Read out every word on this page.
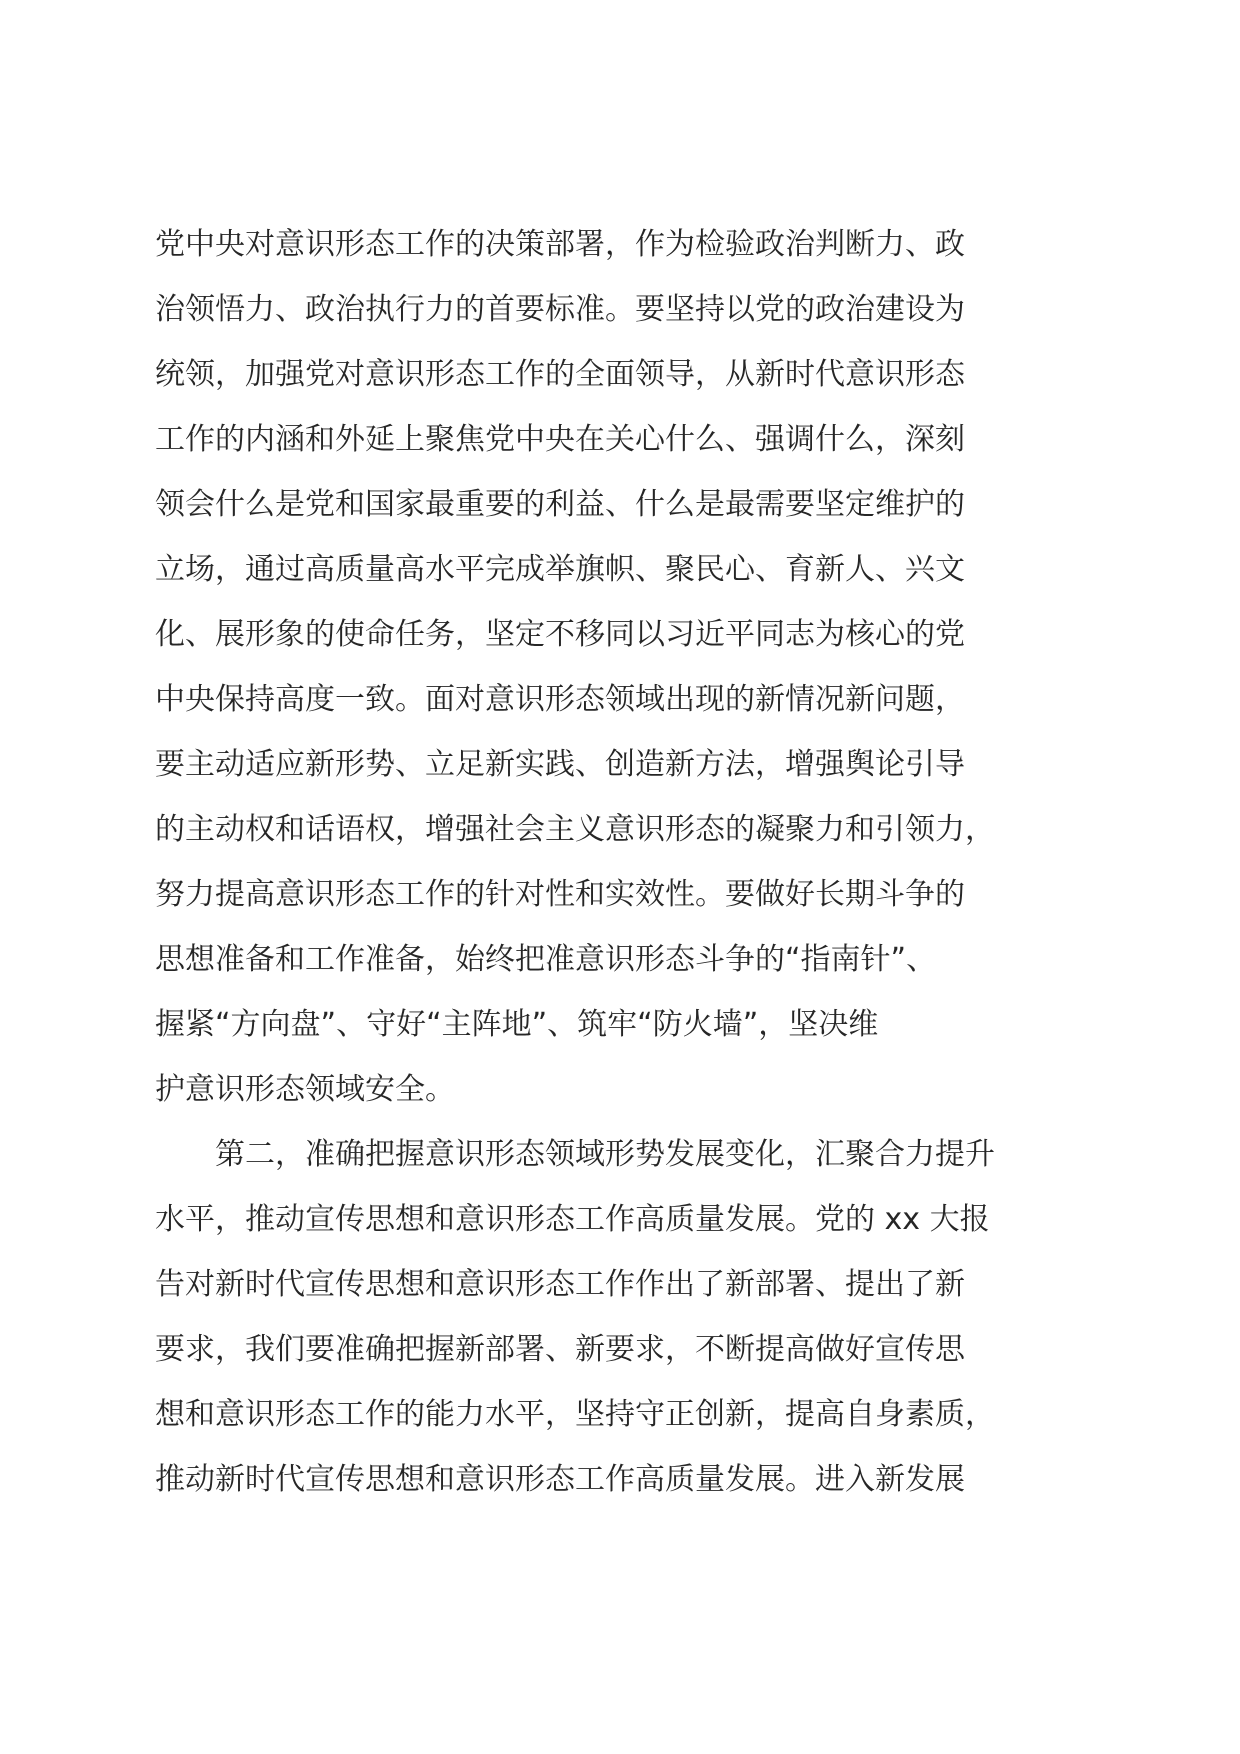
党中央对意识形态工作的决策部署，作为检验政治判断力、政
治领悟力、政治执行力的首要标准。要坚持以党的政治建设为
统领，加强党对意识形态工作的全面领导，从新时代意识形态
工作的内涵和外延上聚焦党中央在关心什么、强调什么，深刻
领会什么是党和国家最重要的利益、什么是最需要坚定维护的
立场，通过高质量高水平完成举旗帜、聚民心、育新人、兴文
化、展形象的使命任务，坚定不移同以习近平同志为核心的党
中央保持高度一致。面对意识形态领域出现的新情况新问题，
要主动适应新形势、立足新实践、创造新方法，增强舆论引导
的主动权和话语权，增强社会主义意识形态的凝聚力和引领力，
努力提高意识形态工作的针对性和实效性。要做好长期斗争的
思想准备和工作准备，始终把准意识形态斗争的“指南针”、
握紧“方向盘”、守好“主阵地”、筑牢“防火墙”，坚决维
护意识形态领域安全。
　　第二，准确把握意识形态领域形势发展变化，汇聚合力提升
水平，推动宣传思想和意识形态工作高质量发展。党的 xx 大报
告对新时代宣传思想和意识形态工作作出了新部署、提出了新
要求，我们要准确把握新部署、新要求，不断提高做好宣传思
想和意识形态工作的能力水平，坚持守正创新，提高自身素质，
推动新时代宣传思想和意识形态工作高质量发展。进入新发展
